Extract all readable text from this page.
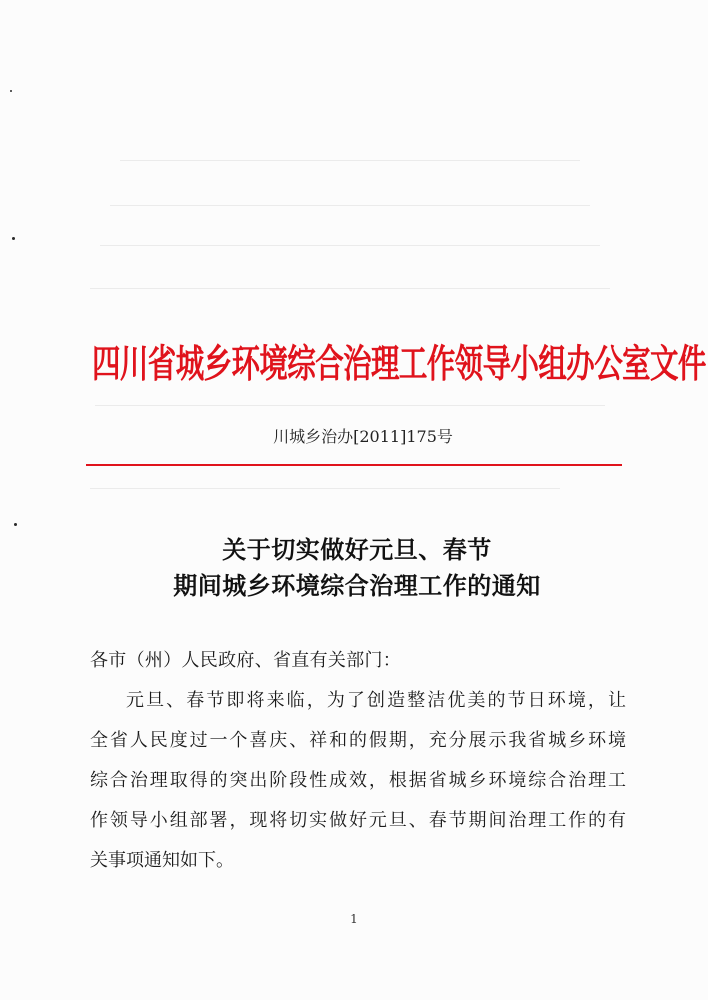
四川省城乡环境综合治理工作领导小组办公室文件
川城乡治办[2011]175号
关于切实做好元旦、春节
期间城乡环境综合治理工作的通知
各市（州）人民政府、省直有关部门：
元旦、春节即将来临，为了创造整洁优美的节日环境，让
全省人民度过一个喜庆、祥和的假期，充分展示我省城乡环境
综合治理取得的突出阶段性成效，根据省城乡环境综合治理工
作领导小组部署，现将切实做好元旦、春节期间治理工作的有
关事项通知如下。
1
